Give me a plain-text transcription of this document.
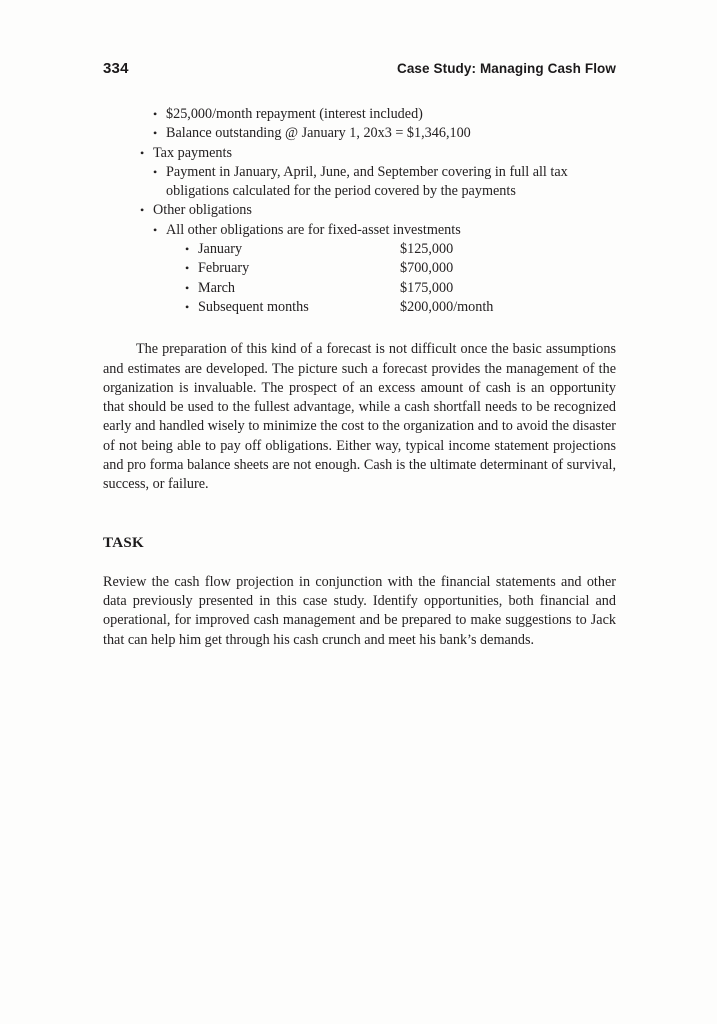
334	Case Study: Managing Cash Flow
• $25,000/month repayment (interest included)
• Balance outstanding @ January 1, 20x3 = $1,346,100
• Tax payments
• Payment in January, April, June, and September covering in full all tax obligations calculated for the period covered by the payments
• Other obligations
• All other obligations are for fixed-asset investments
• January	$125,000
• February	$700,000
• March	$175,000
• Subsequent months	$200,000/month

The preparation of this kind of a forecast is not difficult once the basic assumptions and estimates are developed. The picture such a forecast provides the management of the organization is invaluable. The prospect of an excess amount of cash is an opportunity that should be used to the fullest advantage, while a cash shortfall needs to be recognized early and handled wisely to minimize the cost to the organization and to avoid the disaster of not being able to pay off obligations. Either way, typical income statement projections and pro forma balance sheets are not enough. Cash is the ultimate determinant of survival, success, or failure.

TASK

Review the cash flow projection in conjunction with the financial statements and other data previously presented in this case study. Identify opportunities, both financial and operational, for improved cash management and be prepared to make suggestions to Jack that can help him get through his cash crunch and meet his bank’s demands.
